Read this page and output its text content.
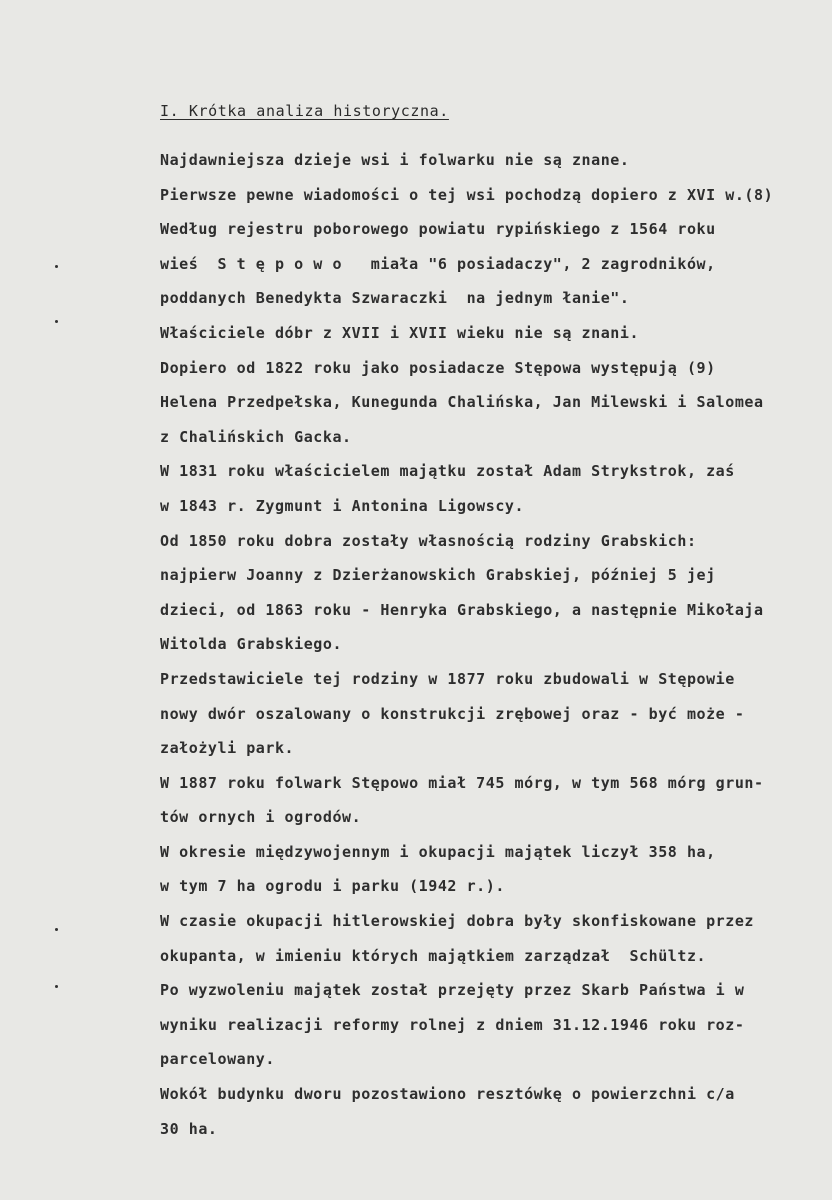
I. Krótka analiza historyczna.
Najdawniejsza dzieje wsi i folwarku nie są znane.
Pierwsze pewne wiadomości o tej wsi pochodzą dopiero z XVI w.(8)
Według rejestru poborowego powiatu rypińskiego z 1564 roku
wieś  S t ę p o w o   miała "6 posiadaczy", 2 zagrodników,
poddanych Benedykta Szwaraczki  na jednym łanie".
Właściciele dóbr z XVII i XVII wieku nie są znani.
Dopiero od 1822 roku jako posiadacze Stępowa występują (9)
Helena Przedpełska, Kunegunda Chalińska, Jan Milewski i Salomea
z Chalińskich Gacka.
W 1831 roku właścicielem majątku został Adam Strykstrok, zaś
w 1843 r. Zygmunt i Antonina Ligowscy.
Od 1850 roku dobra zostały własnością rodziny Grabskich:
najpierw Joanny z Dzierżanowskich Grabskiej, później 5 jej
dzieci, od 1863 roku - Henryka Grabskiego, a następnie Mikołaja
Witolda Grabskiego.
Przedstawiciele tej rodziny w 1877 roku zbudowali w Stępowie
nowy dwór oszalowany o konstrukcji zrębowej oraz - być może -
założyli park.
W 1887 roku folwark Stępowo miał 745 mórg, w tym 568 mórg grun-
tów ornych i ogrodów.
W okresie międzywojennym i okupacji majątek liczył 358 ha,
w tym 7 ha ogrodu i parku (1942 r.).
W czasie okupacji hitlerowskiej dobra były skonfiskowane przez
okupanta, w imieniu których majątkiem zarządzał  Schültz.
Po wyzwoleniu majątek został przejęty przez Skarb Państwa i w
wyniku realizacji reformy rolnej z dniem 31.12.1946 roku roz-
parcelowany.
Wokół budynku dworu pozostawiono resztówkę o powierzchni c/a
30 ha.
